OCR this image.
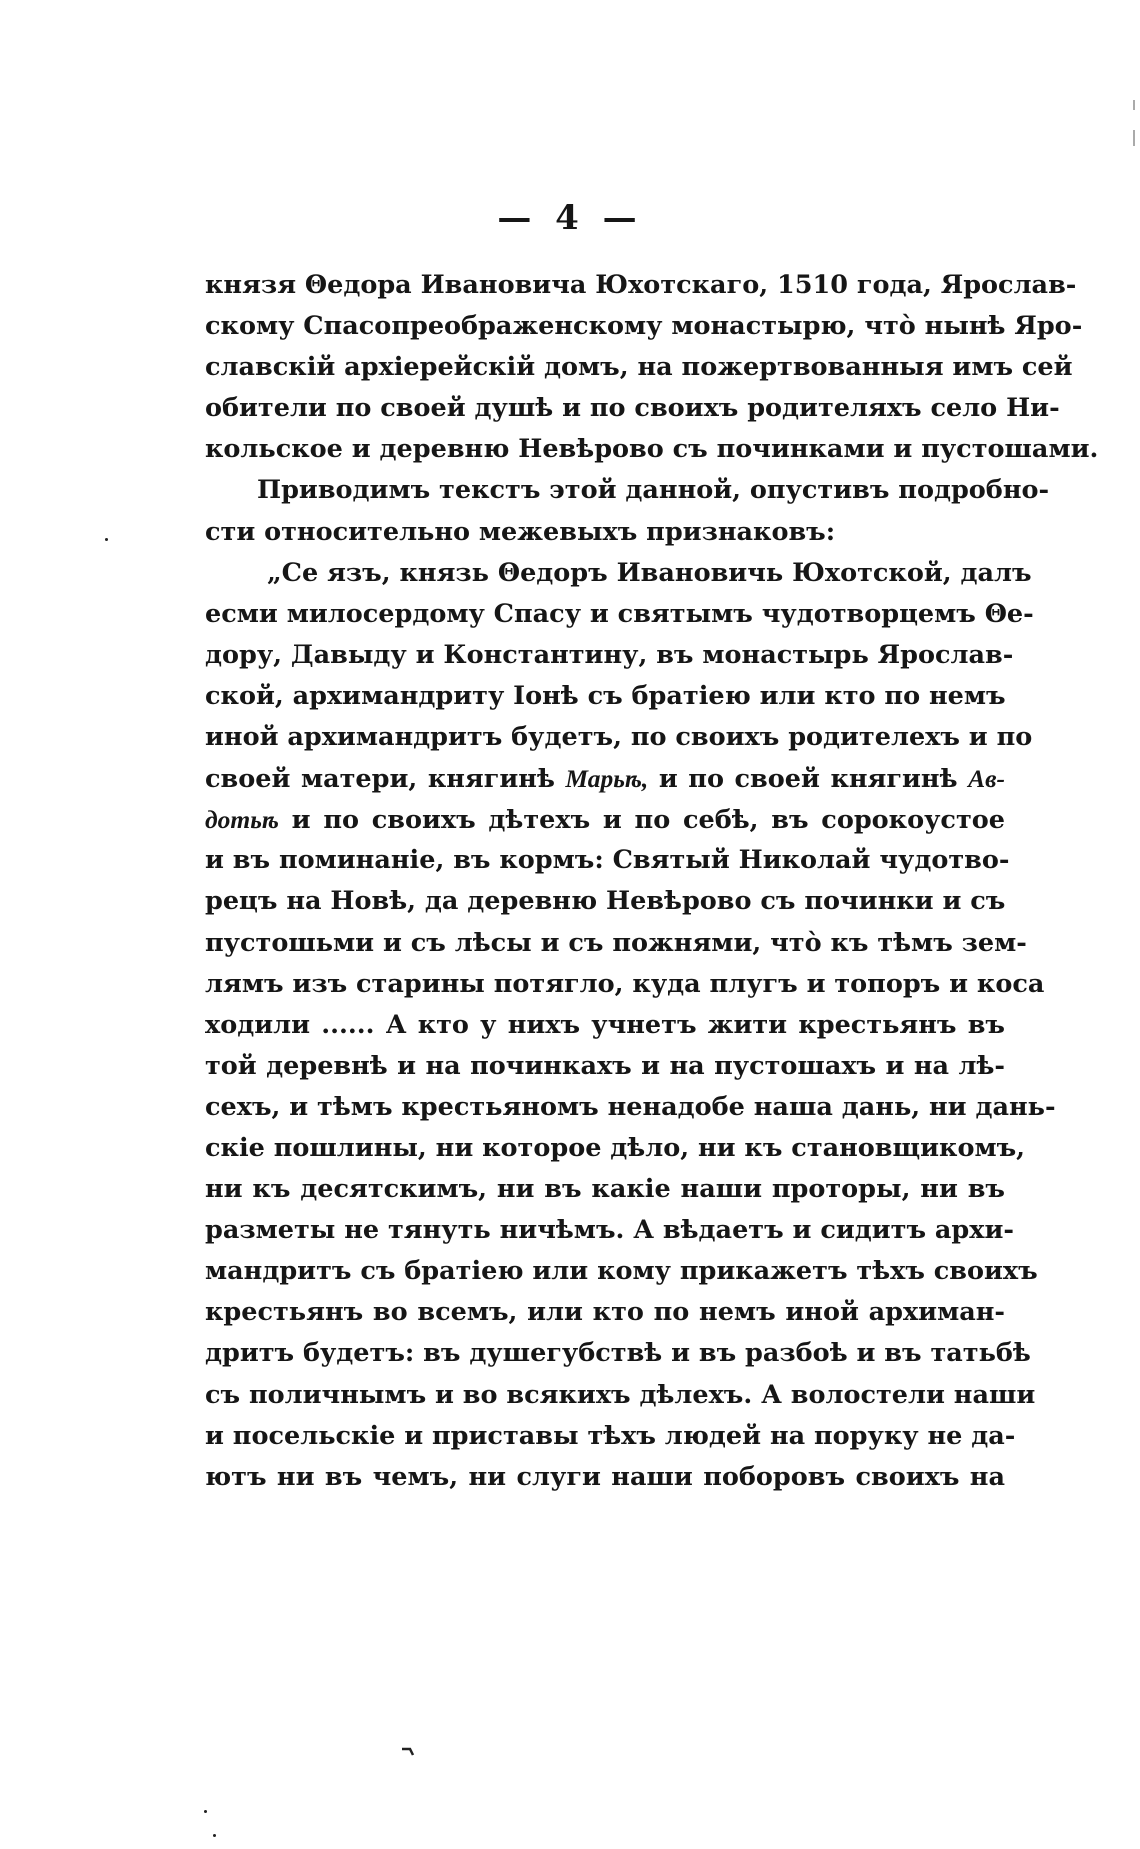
— 4 —
князя Θедора Ивановича Юхотскаго, 1510 года, Ярослав-
скому Спасопреображенскому монастырю, чтò нынѣ Яро-
славскій архіерейскій домъ, на пожертвованныя имъ сей
обители по своей душѣ и по своихъ родителяхъ село Ни-
кольское и деревню Невѣрово съ починками и пустошами.
Приводимъ текстъ этой данной, опустивъ подробно-
сти относительно межевыхъ признаковъ:
„Се язъ, князь Θедоръ Ивановичь Юхотской, далъ
есми милосердому Спасу и святымъ чудотворцемъ Θе-
дору, Давыду и Константину, въ монастырь Ярослав-
ской, архимандриту Іонѣ съ братіею или кто по немъ
иной архимандритъ будетъ, по своихъ родителехъ и по
своей матери, княгинѣ Марьѣ, и по своей княгинѣ Ав-
дотьѣ и по своихъ дѣтехъ и по себѣ, въ сорокоустое
и въ поминаніе, въ кормъ: Святый Николай чудотво-
рецъ на Новѣ, да деревню Невѣрово съ починки и съ
пустошьми и съ лѣсы и съ пожнями, чтò къ тѣмъ зем-
лямъ изъ старины потягло, куда плугъ и топоръ и коса
ходили ...... А кто у нихъ учнетъ жити крестьянъ въ
той деревнѣ и на починкахъ и на пустошахъ и на лѣ-
сехъ, и тѣмъ крестьяномъ ненадобе наша дань, ни дань-
скіе пошлины, ни которое дѣло, ни къ становщикомъ,
ни къ десятскимъ, ни въ какіе наши проторы, ни въ
разметы не тянуть ничѣмъ. А вѣдаетъ и сидитъ архи-
мандритъ съ братіею или кому прикажетъ тѣхъ своихъ
крестьянъ во всемъ, или кто по немъ иной архиман-
дритъ будетъ: въ душегубствѣ и въ разбоѣ и въ татьбѣ
съ поличнымъ и во всякихъ дѣлехъ. А волостели наши
и посельскіе и приставы тѣхъ людей на поруку не да-
ютъ ни въ чемъ, ни слуги наши поборовъ своихъ на
